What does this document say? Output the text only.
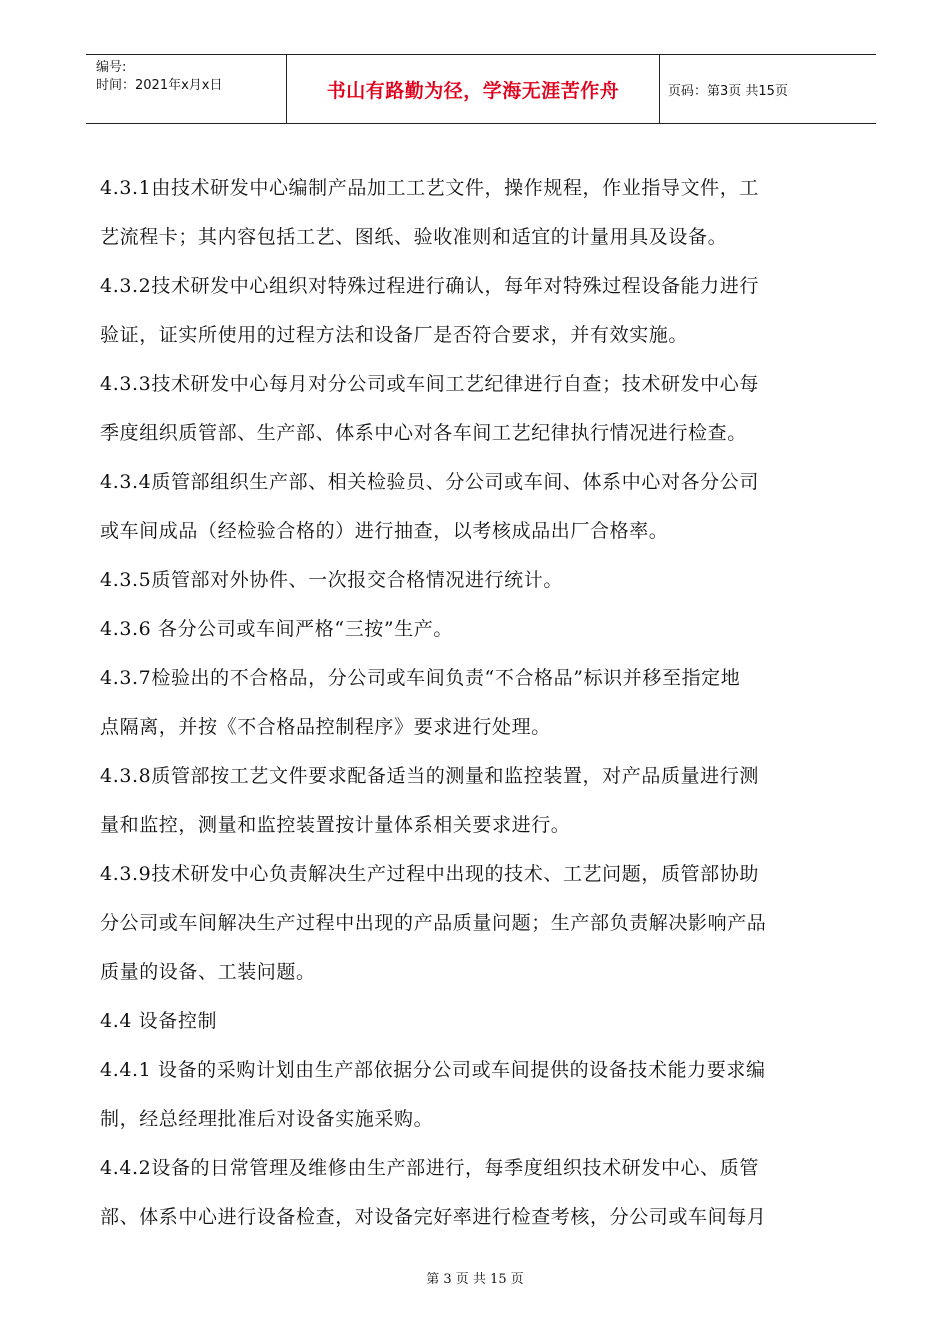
编号:
时间：2021年x月x日	书山有路勤为径，学海无涯苦作舟	页码：第3页 共15页

4.3.1由技术研发中心编制产品加工工艺文件，操作规程，作业指导文件，工

艺流程卡；其内容包括工艺、图纸、验收准则和适宜的计量用具及设备。

4.3.2技术研发中心组织对特殊过程进行确认，每年对特殊过程设备能力进行

验证，证实所使用的过程方法和设备厂是否符合要求，并有效实施。

4.3.3技术研发中心每月对分公司或车间工艺纪律进行自查；技术研发中心每

季度组织质管部、生产部、体系中心对各车间工艺纪律执行情况进行检查。

4.3.4质管部组织生产部、相关检验员、分公司或车间、体系中心对各分公司

或车间成品（经检验合格的）进行抽查，以考核成品出厂合格率。

4.3.5质管部对外协件、一次报交合格情况进行统计。

4.3.6 各分公司或车间严格“三按”生产。

4.3.7检验出的不合格品，分公司或车间负责“不合格品”标识并移至指定地

点隔离，并按《不合格品控制程序》要求进行处理。

4.3.8质管部按工艺文件要求配备适当的测量和监控装置，对产品质量进行测

量和监控，测量和监控装置按计量体系相关要求进行。

4.3.9技术研发中心负责解决生产过程中出现的技术、工艺问题，质管部协助

分公司或车间解决生产过程中出现的产品质量问题；生产部负责解决影响产品

质量的设备、工装问题。

4.4 设备控制

4.4.1 设备的采购计划由生产部依据分公司或车间提供的设备技术能力要求编

制，经总经理批准后对设备实施采购。

4.4.2设备的日常管理及维修由生产部进行，每季度组织技术研发中心、质管

部、体系中心进行设备检查，对设备完好率进行检查考核，分公司或车间每月

第 3 页 共 15 页
